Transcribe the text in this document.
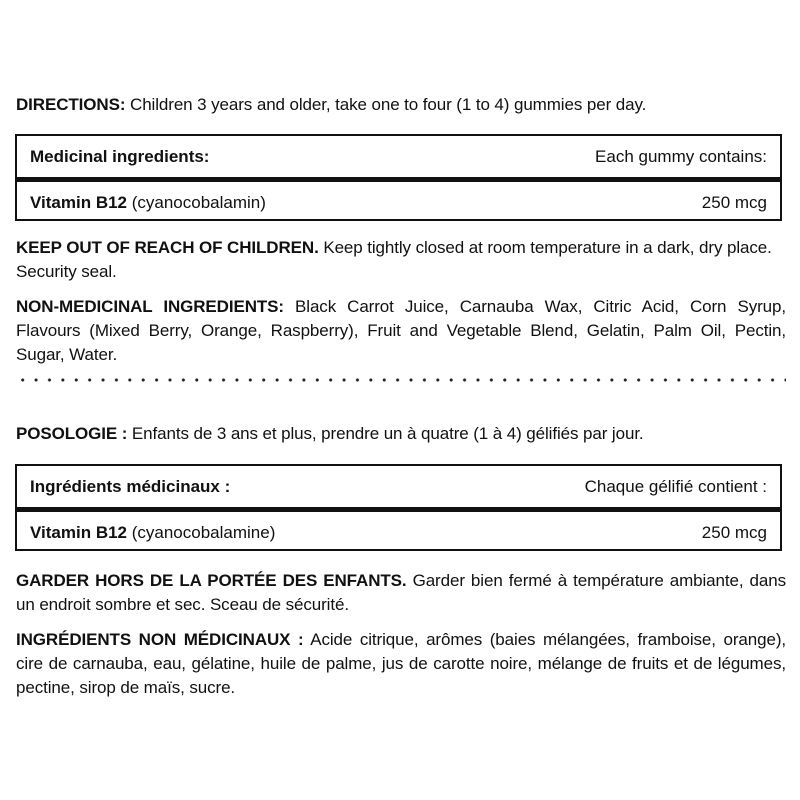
DIRECTIONS: Children 3 years and older, take one to four (1 to 4) gummies per day.
Medicinal ingredients:	Each gummy contains:
Vitamin B12 (cyanocobalamin)	250 mcg
KEEP OUT OF REACH OF CHILDREN. Keep tightly closed at room temperature in a dark, dry place. Security seal.
NON-MEDICINAL INGREDIENTS: Black Carrot Juice, Carnauba Wax, Citric Acid, Corn Syrup, Flavours (Mixed Berry, Orange, Raspberry), Fruit and Vegetable Blend, Gelatin, Palm Oil, Pectin, Sugar, Water.
POSOLOGIE : Enfants de 3 ans et plus, prendre un à quatre (1 à 4) gélifiés par jour.
Ingrédients médicinaux :	Chaque gélifié contient :
Vitamin B12 (cyanocobalamine)	250 mcg
GARDER HORS DE LA PORTÉE DES ENFANTS. Garder bien fermé à température ambiante, dans un endroit sombre et sec. Sceau de sécurité.
INGRÉDIENTS NON MÉDICINAUX : Acide citrique, arômes (baies mélangées, framboise, orange), cire de carnauba, eau, gélatine, huile de palme, jus de carotte noire, mélange de fruits et de légumes, pectine, sirop de maïs, sucre.
